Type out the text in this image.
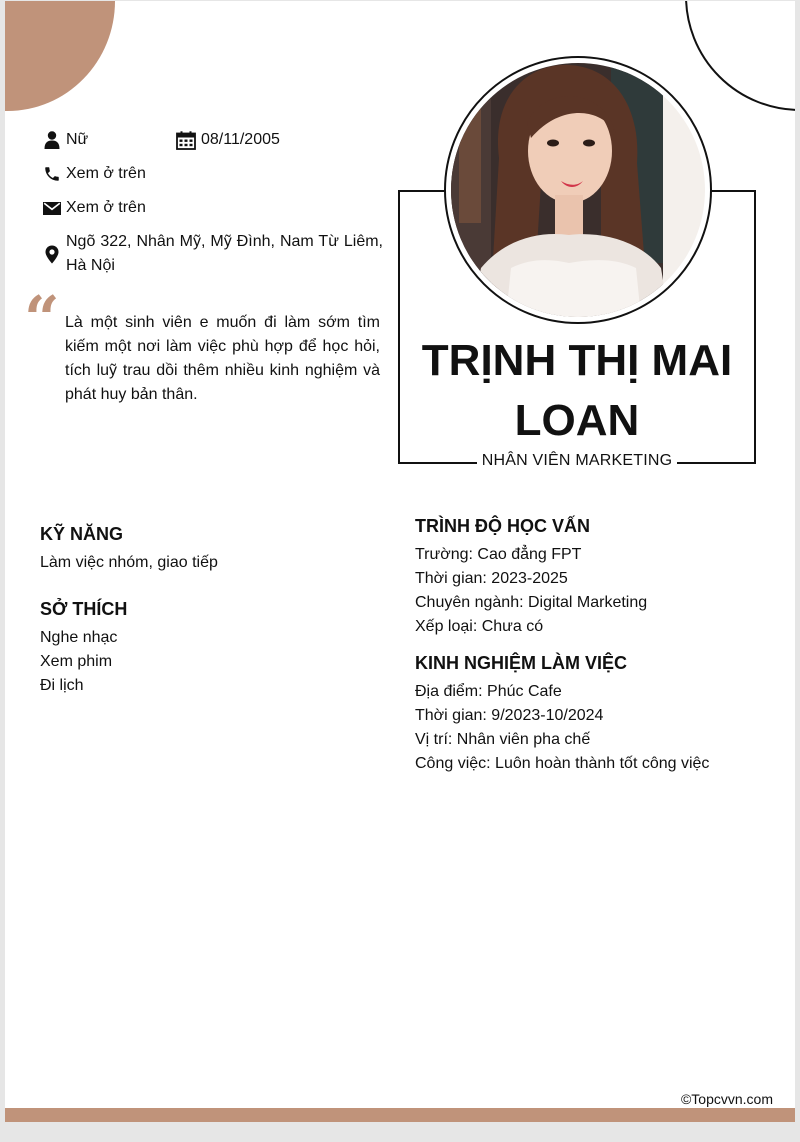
Nữ	08/11/2005
Xem ở trên
Xem ở trên
Ngõ 322, Nhân Mỹ, Mỹ Đình, Nam Từ Liêm, Hà Nội
“ Là một sinh viên e muốn đi làm sớm tìm kiếm một nơi làm việc phù hợp để học hỏi, tích luỹ trau dồi thêm nhiều kinh nghiệm và phát huy bản thân.
TRỊNH THỊ MAI LOAN
NHÂN VIÊN MARKETING
KỸ NĂNG
Làm việc nhóm, giao tiếp
SỞ THÍCH
Nghe nhạc
Xem phim
Đi lịch
TRÌNH ĐỘ HỌC VẤN
Trường: Cao đẳng FPT
Thời gian: 2023-2025
Chuyên ngành: Digital Marketing
Xếp loại: Chưa có
KINH NGHIỆM LÀM VIỆC
Địa điểm: Phúc Cafe
Thời gian: 9/2023-10/2024
Vị trí: Nhân viên pha chế
Công việc: Luôn hoàn thành tốt công việc
©Topcvvn.com
